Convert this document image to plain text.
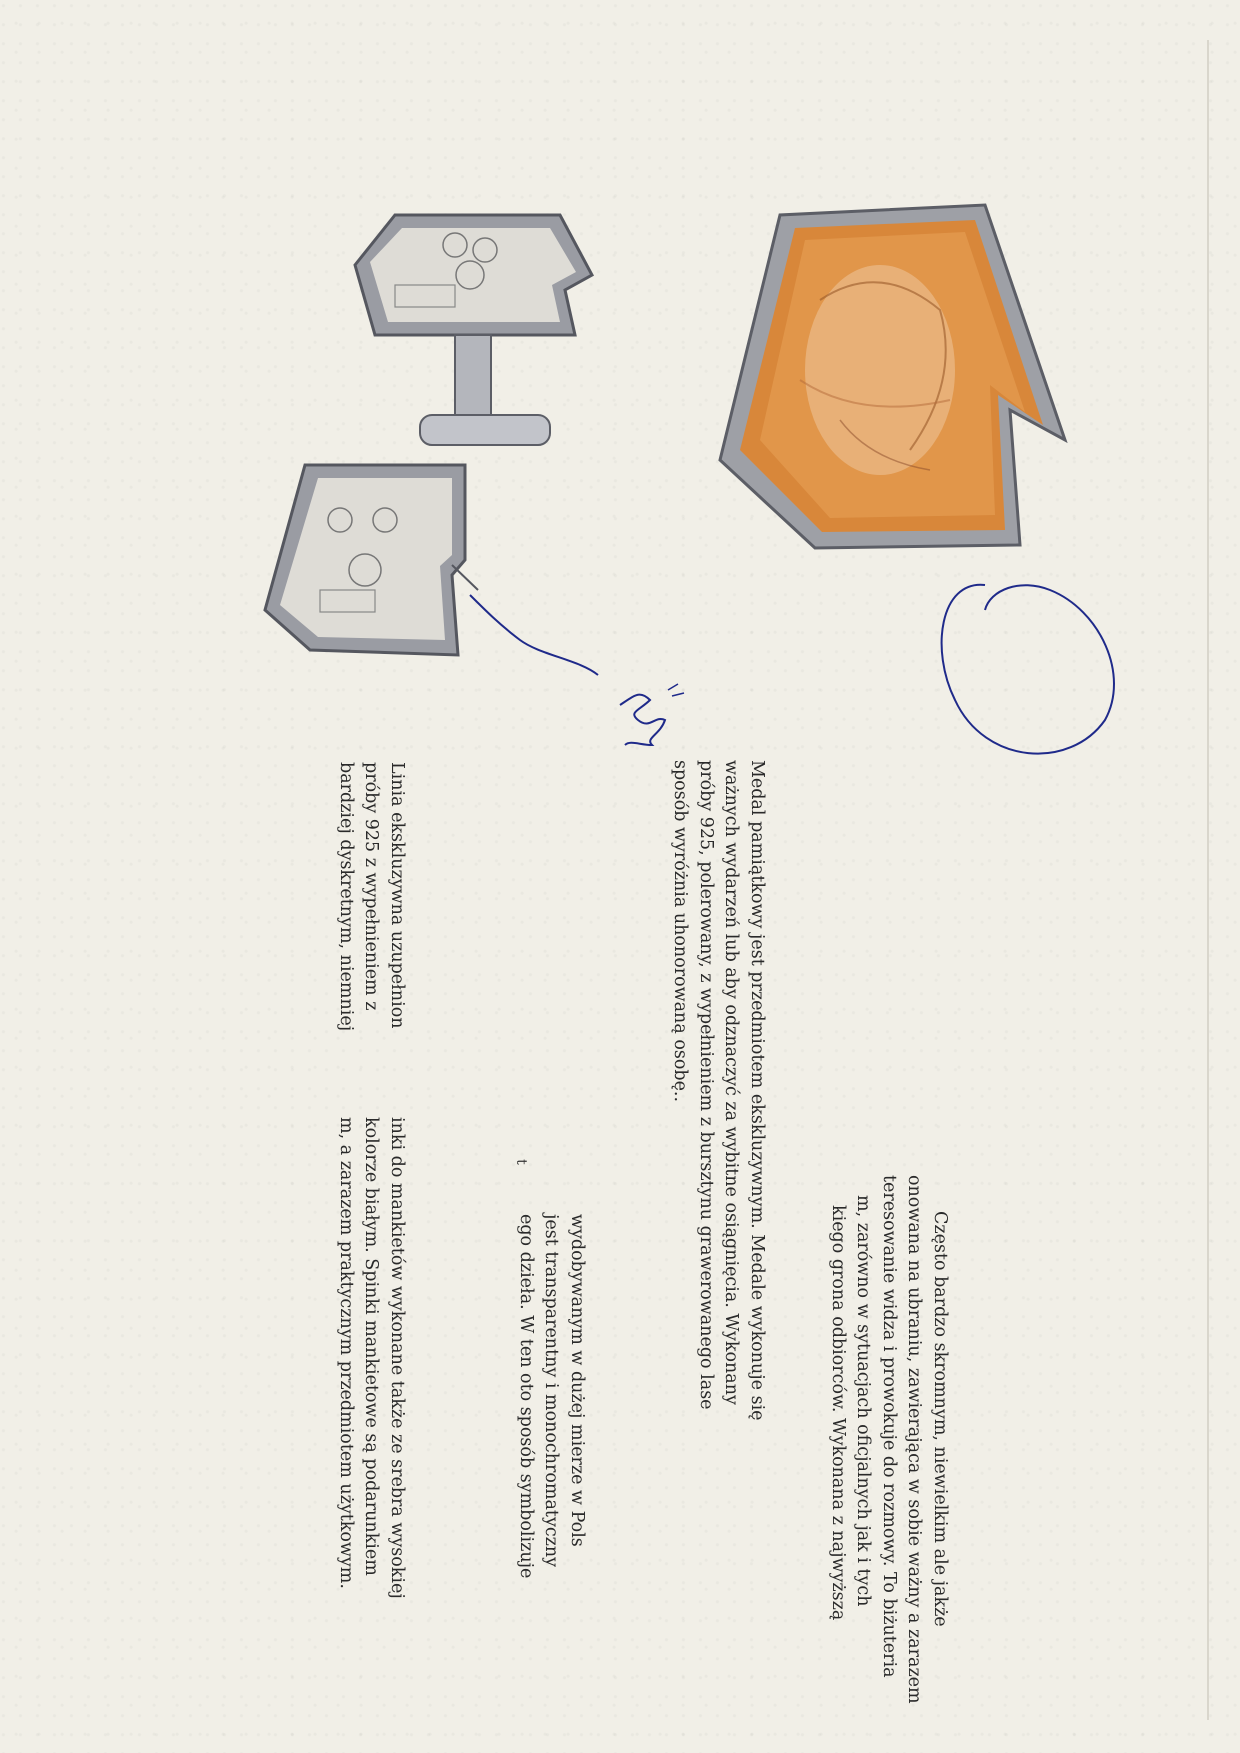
Często bardzo skromnym, niewielkim ale jakże

onowana na ubraniu, zawierająca w sobie ważny a zarazem

teresowanie widza i prowokuje do rozmowy. To biżuteria

m, zarówno w sytuacjach oficjalnych jak i tych

kiego grona odbiorców. Wykonana z najwyższą

Medal pamiątkowy jest przedmiotem ekskluzywnym. Medale wykonuje się

ważnych wydarzeń lub aby odznaczyć za wybitne osiągnięcia. Wykonany

próby 925, polerowany, z wypełnieniem z bursztynu grawerowanego lase

sposób wyróżnia uhonorowaną osobę..

wydobywanym w dużej mierze w Pols

jest transparentny i monochromatyczny

ego dzieła. W ten oto sposób symbolizuje

t

Linia ekskluzywna uzupełnion

próby 925 z wypełnieniem z

bardziej dyskretnym, niemniej

inki do mankietów wykonane także ze srebra wysokiej

kolorze białym. Spinki mankietowe są podarunkiem

m, a zarazem praktycznym przedmiotem użytkowym.
